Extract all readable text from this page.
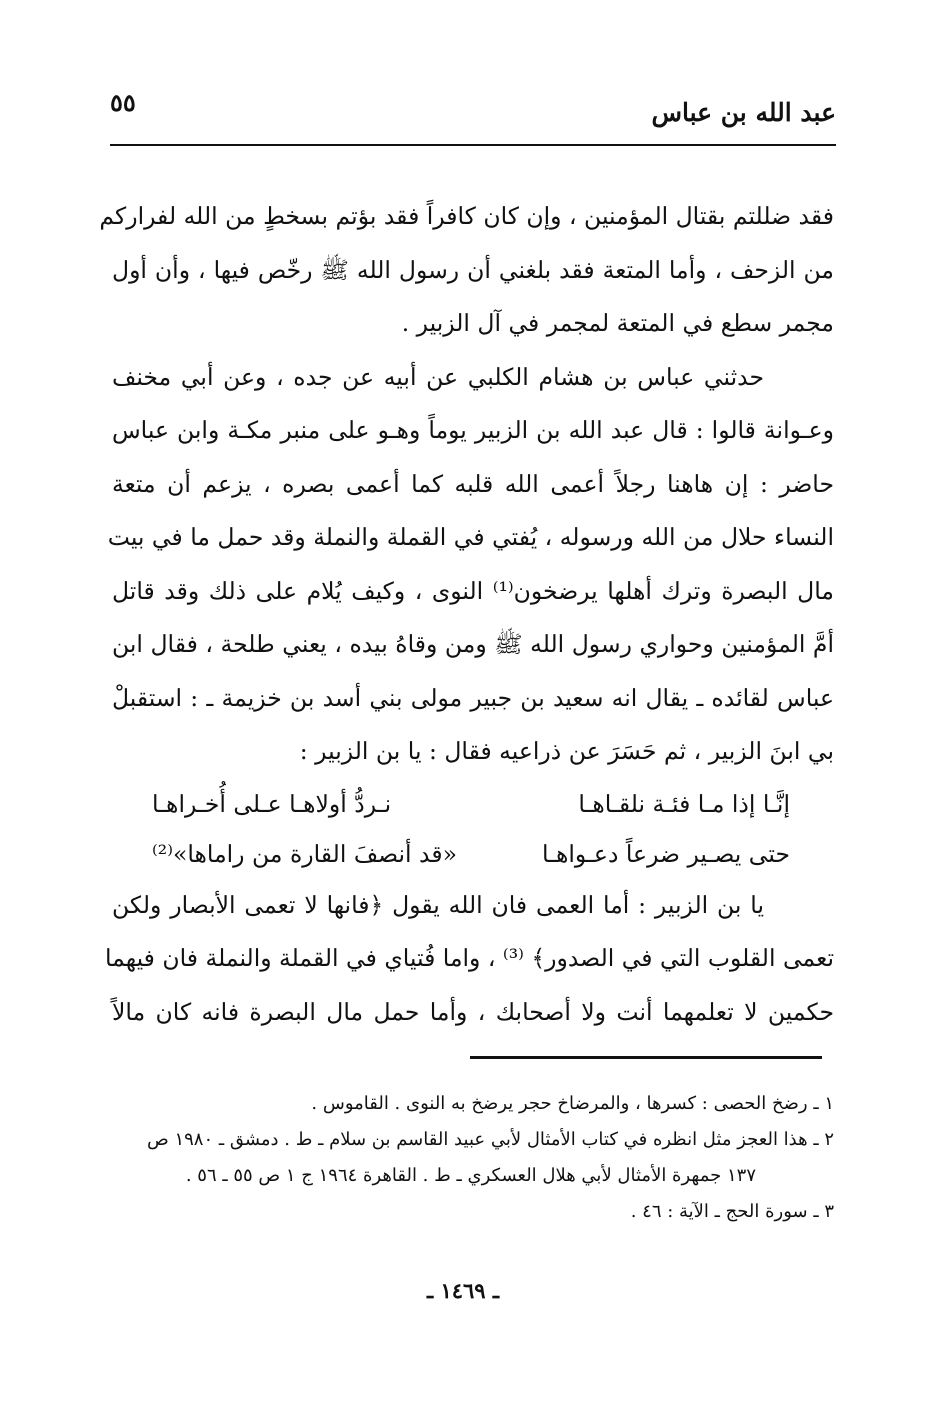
عبد الله بن عباس
٥٥
فقد ضللتم بقتال المؤمنين ، وإن كان كافراً فقد بؤتم بسخطٍ من الله لفراركم
من الزحف ، وأما المتعة فقد بلغني أن رسول الله ﷺ رخّص فيها ، وأن أول
مجمر سطع في المتعة لمجمر في آل الزبير .
حدثني عباس بن هشام الكلبي عن أبيه عن جده ، وعن أبي مخنف
وعـوانة قالوا : قال عبد الله بن الزبير يوماً وهـو على منبر مكـة وابن عباس
حاضر : إن هاهنا رجلاً أعمى الله قلبه كما أعمى بصره ، يزعم أن متعة
النساء حلال من الله ورسوله ، يُفتي في القملة والنملة وقد حمل ما في بيت
مال البصرة وترك أهلها يرضخون⁽¹⁾ النوى ، وكيف يُلام على ذلك وقد قاتل
أمَّ المؤمنين وحواري رسول الله ﷺ ومن وقاهُ بيده ، يعني طلحة ، فقال ابن
عباس لقائده ـ يقال انه سعيد بن جبير مولى بني أسد بن خزيمة ـ : استقبلْ
بي ابنَ الزبير ، ثم حَسَرَ عن ذراعيه فقال : يا بن الزبير :
إنَّـا إذا مـا فئـة نلقـاهـا
نـردُّ أولاهـا عـلى أُخـراهـا
حتى يصـير ضرعاً دعـواهـا
«قد أنصفَ القارة من راماها»⁽²⁾
يا بن الزبير : أما العمى فان الله يقول ﴿فانها لا تعمى الأبصار ولكن
تعمى القلوب التي في الصدور﴾ ⁽³⁾ ، واما فُتياي في القملة والنملة فان فيهما
حكمين لا تعلمهما أنت ولا أصحابك ، وأما حمل مال البصرة فانه كان مالاً
١ ـ رضخ الحصى : كسرها ، والمرضاخ حجر يرضخ به النوى . القاموس .
٢ ـ هذا العجز مثل انظره في كتاب الأمثال لأبي عبيد القاسم بن سلام ـ ط . دمشق ـ ١٩٨٠ ص
١٣٧ جمهرة الأمثال لأبي هلال العسكري ـ ط . القاهرة ١٩٦٤ ج ١ ص ٥٥ ـ ٥٦ .
٣ ـ سورة الحج ـ الآية : ٤٦ .
ـ ١٤٦٩ ـ
